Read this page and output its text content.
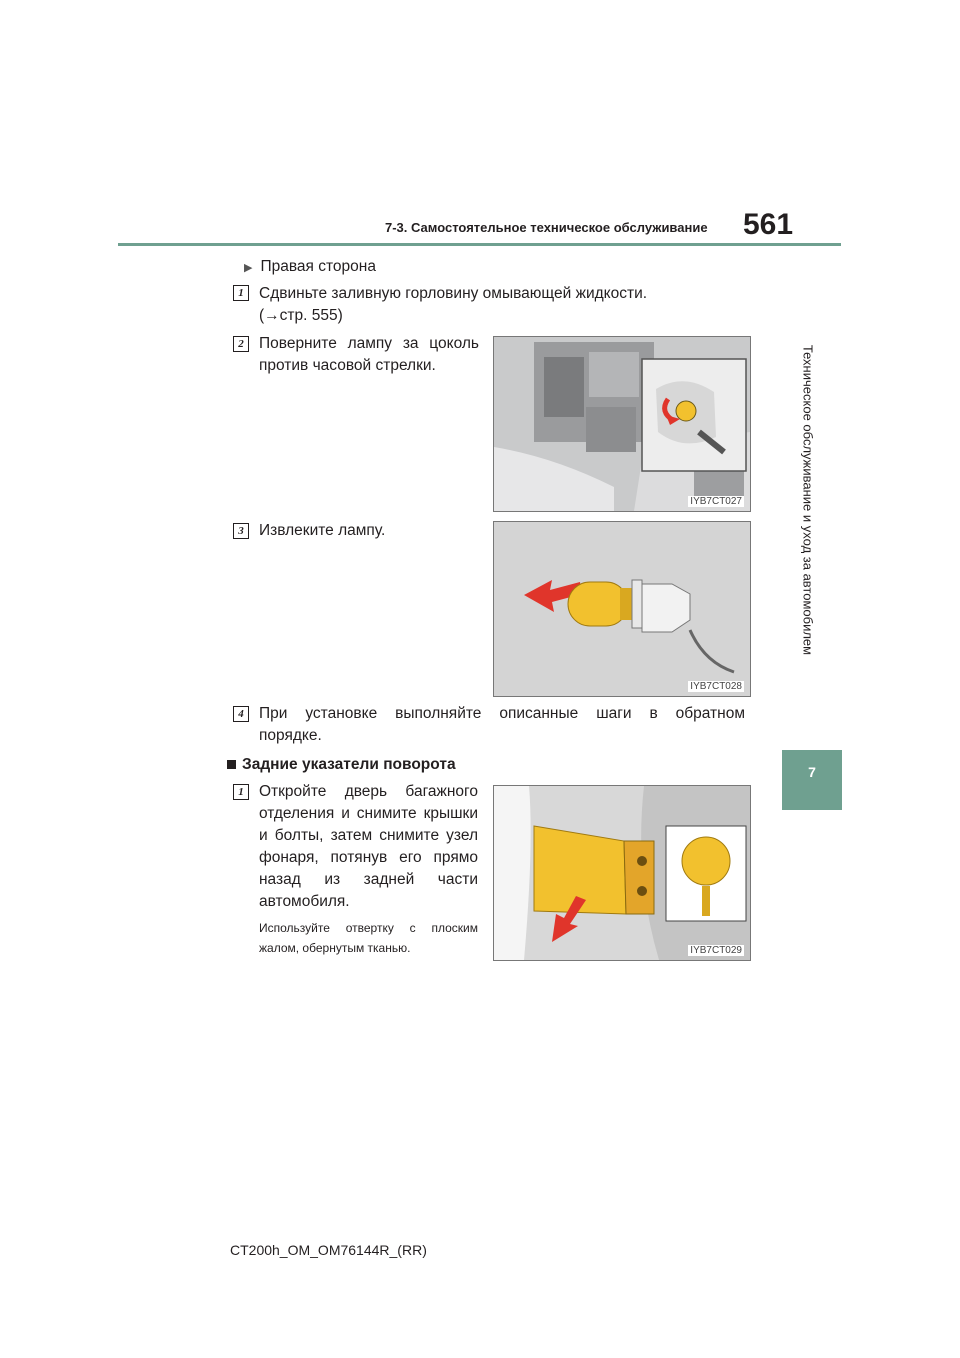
7-3. Самостоятельное техническое обслуживание 561
Техническое обслуживание и уход за автомобилем
7
▶ Правая сторона
1 Сдвиньте заливную горловину омывающей жидкости.
(→стр. 555)
2 Поверните лампу за цоколь
против часовой стрелки.
IYB7CT027
3 Извлеките лампу.
IYB7CT028
4 При установке выполняйте описанные шаги в обратном
порядке.
Задние указатели поворота
1 Откройте дверь багажного
отделения и снимите крышки
и болты, затем снимите узел
фонаря, потянув его прямо
назад из задней части
автомобиля.
Используйте отвертку с плоским
жалом, обернутым тканью.	IYB7CT029
CT200h_OM_OM76144R_(RR)
